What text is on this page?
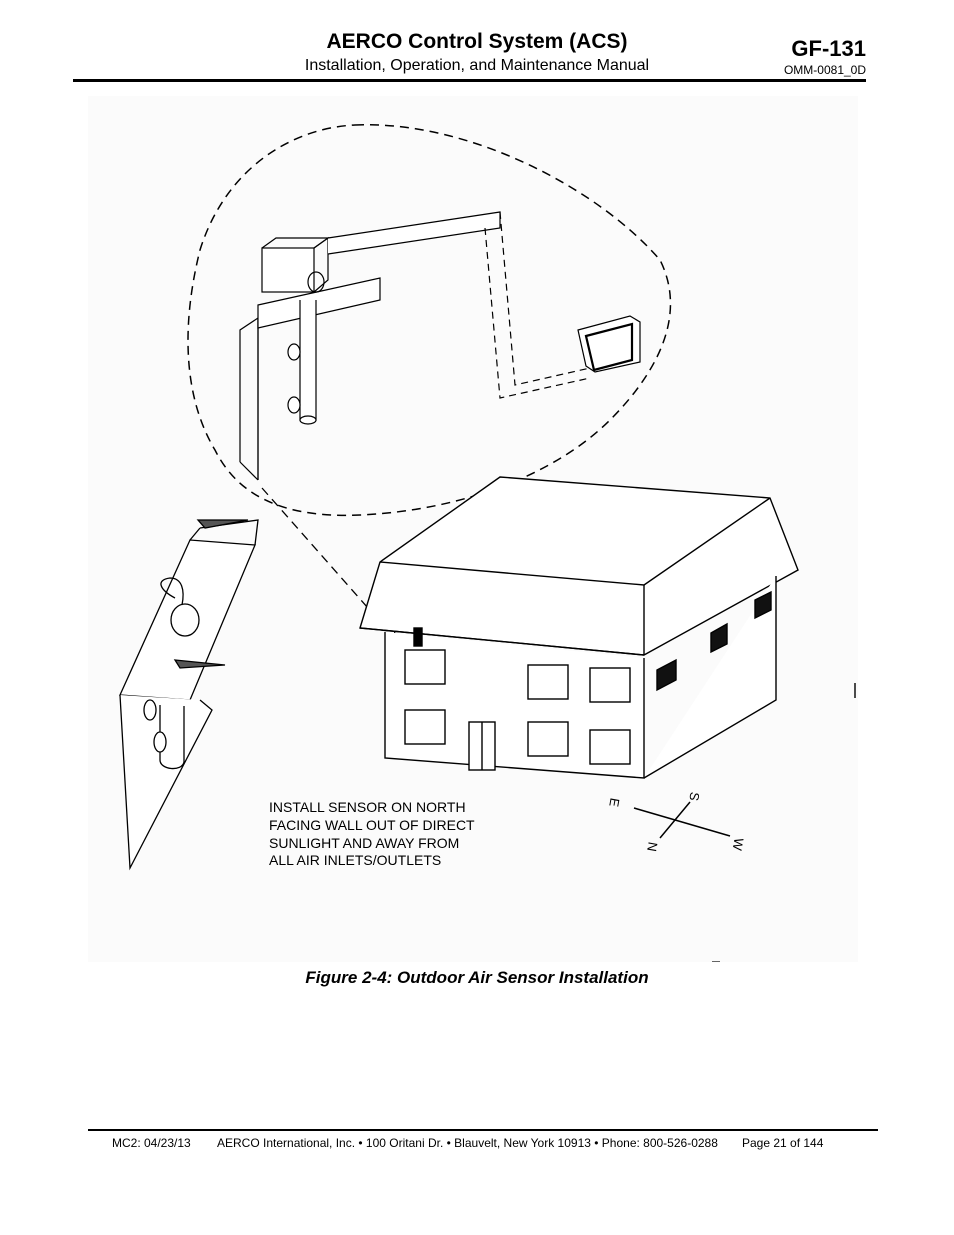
AERCO Control System (ACS)
Installation, Operation, and Maintenance Manual
GF-131
OMM-0081_0D
E
S
W
N
INSTALL SENSOR ON NORTH
FACING WALL OUT OF DIRECT
SUNLIGHT AND AWAY FROM
ALL AIR INLETS/OUTLETS
Figure 2-4: Outdoor Air Sensor Installation
MC2: 04/23/13 AERCO International, Inc. • 100 Oritani Dr. • Blauvelt, New York 10913 • Phone: 800-526-0288 Page 21 of 144
